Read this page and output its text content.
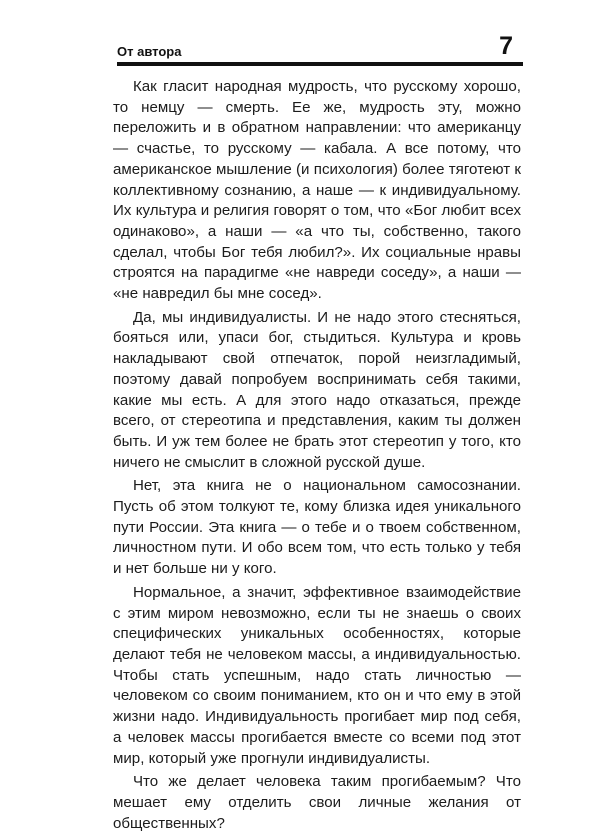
От автора	7

Как гласит народная мудрость, что русскому хорошо, то немцу — смерть. Ее же, мудрость эту, можно переложить и в обратном направлении: что американцу — счастье, то русскому — кабала. А все потому, что американское мышление (и психология) более тяготеют к коллективному сознанию, а наше — к индивидуальному. Их культура и религия говорят о том, что «Бог любит всех одинаково», а наши — «а что ты, собственно, такого сделал, чтобы Бог тебя любил?». Их социальные нравы строятся на парадигме «не навреди соседу», а наши — «не навредил бы мне сосед».

Да, мы индивидуалисты. И не надо этого стесняться, бояться или, упаси бог, стыдиться. Культура и кровь накладывают свой отпечаток, порой неизгладимый, поэтому давай попробуем воспринимать себя такими, какие мы есть. А для этого надо отказаться, прежде всего, от стереотипа и представления, каким ты должен быть. И уж тем более не брать этот стереотип у того, кто ничего не смыслит в сложной русской душе.

Нет, эта книга не о национальном самосознании. Пусть об этом толкуют те, кому близка идея уникального пути России. Эта книга — о тебе и о твоем собственном, личностном пути. И обо всем том, что есть только у тебя и нет больше ни у кого.

Нормальное, а значит, эффективное взаимодействие с этим миром невозможно, если ты не знаешь о своих специфических уникальных особенностях, которые делают тебя не человеком массы, а индивидуальностью. Чтобы стать успешным, надо стать личностью — человеком со своим пониманием, кто он и что ему в этой жизни надо. Индивидуальность прогибает мир под себя, а человек массы прогибается вместе со всеми под этот мир, который уже прогнули индивидуалисты.

Что же делает человека таким прогибаемым? Что мешает ему отделить свои личные желания от общественных?
